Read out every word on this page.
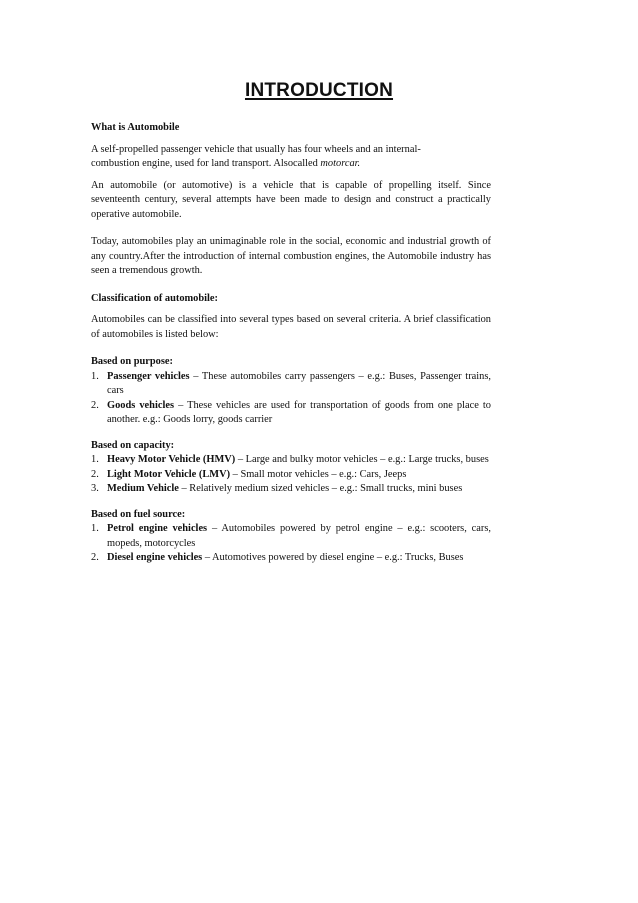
INTRODUCTION

What is Automobile

A self-propelled passenger vehicle that usually has four wheels and an internal-
combustion engine, used for land transport. Alsocalled motorcar.

An automobile (or automotive) is a vehicle that is capable of propelling itself. Since seventeenth century, several attempts have been made to design and construct a practically operative automobile.

Today, automobiles play an unimaginable role in the social, economic and industrial growth of any country.After the introduction of internal combustion engines, the Automobile industry has seen a tremendous growth.

Classification of automobile:

Automobiles can be classified into several types based on several criteria. A brief classification of automobiles is listed below:

Based on purpose:

1. Passenger vehicles – These automobiles carry passengers – e.g.: Buses, Passenger trains, cars
2. Goods vehicles – These vehicles are used for transportation of goods from one place to another. e.g.: Goods lorry, goods carrier

Based on capacity:

1. Heavy Motor Vehicle (HMV) – Large and bulky motor vehicles – e.g.: Large trucks, buses
2. Light Motor Vehicle (LMV) – Small motor vehicles – e.g.: Cars, Jeeps
3. Medium Vehicle – Relatively medium sized vehicles – e.g.: Small trucks, mini buses

Based on fuel source:

1. Petrol engine vehicles – Automobiles powered by petrol engine – e.g.: scooters, cars, mopeds, motorcycles
2. Diesel engine vehicles – Automotives powered by diesel engine – e.g.: Trucks, Buses
